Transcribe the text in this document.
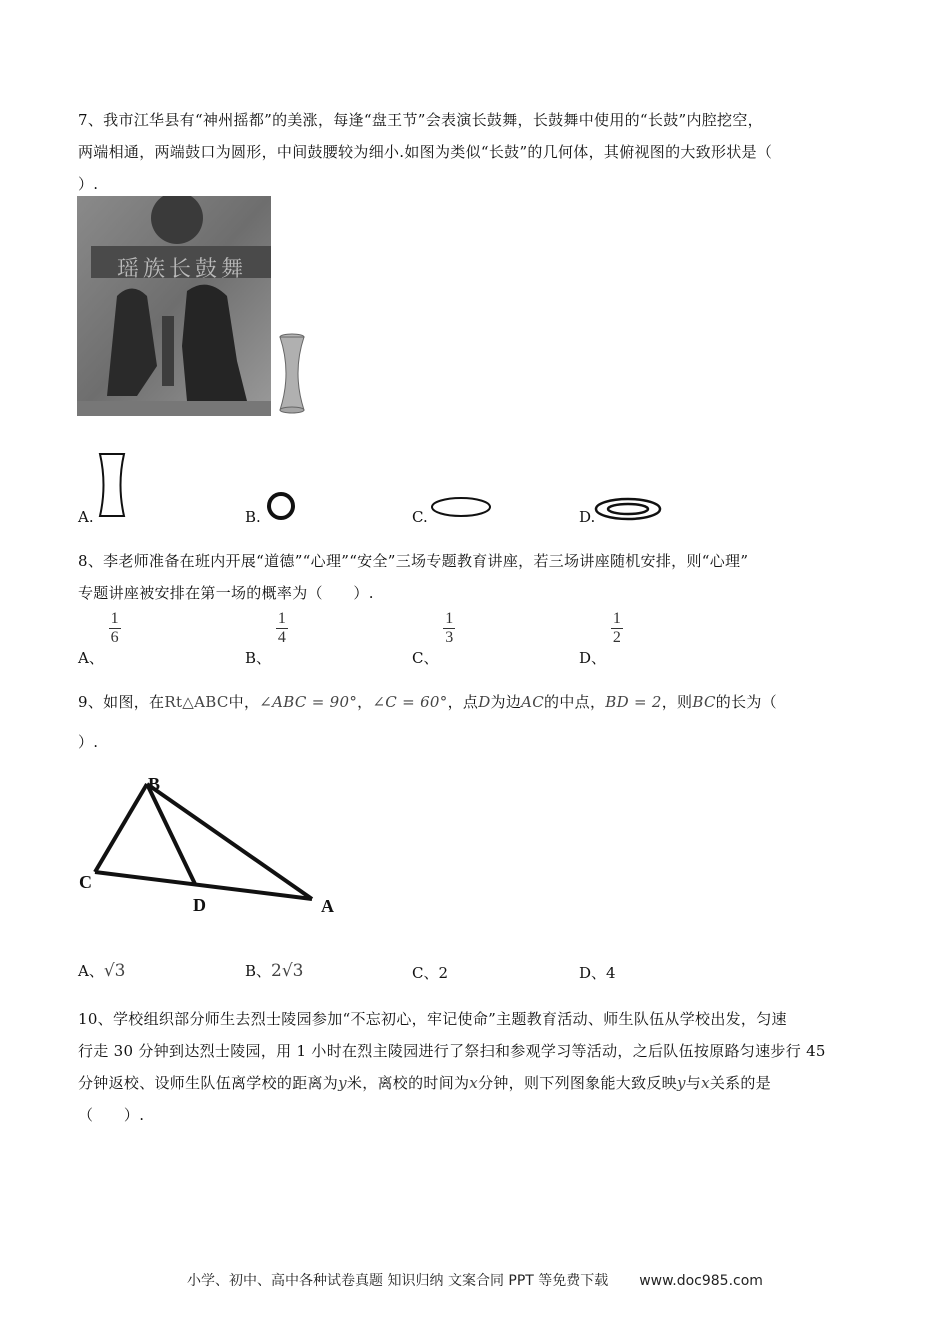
7、我市江华县有“神州摇都”的美涨，每逢“盘王节”会表演长鼓舞，长鼓舞中使用的“长鼓”内腔挖空，

两端相通，两端鼓口为圆形，中间鼓腰较为细小.如图为类似“长鼓”的几何体，其俯视图的大致形状是（

）.

瑶族长鼓舞
A.	B.	C.	D.

8、李老师准备在班内开展“道德”“心理”“安全”三场专题教育讲座，若三场讲座随机安排，则“心理”

专题讲座被安排在第一场的概率为（　　）.

A、
$\frac{1}{6}$
B、
$\frac{1}{4}$
C、
$\frac{1}{3}$
D、
$\frac{1}{2}$

9、如图，在Rt△ABC中，∠ABC = 90°，∠C = 60°，点D为边AC的中点，BD = 2，则BC的长为（

）.

B
C
D	A
A、√3	B、2√3	C、2	D、4

10、学校组织部分师生去烈士陵园参加“不忘初心，牢记使命”主题教育活动、师生队伍从学校出发，匀速

行走 30 分钟到达烈士陵园，用 1 小时在烈主陵园进行了祭扫和参观学习等活动，之后队伍按原路匀速步行 45

分钟返校、设师生队伍离学校的距离为y米，离校的时间为x分钟，则下列图象能大致反映y与x关系的是

（　　）.

小学、初中、高中各种试卷真题 知识归纳 文案合同 PPT 等免费下载 www.doc985.com
